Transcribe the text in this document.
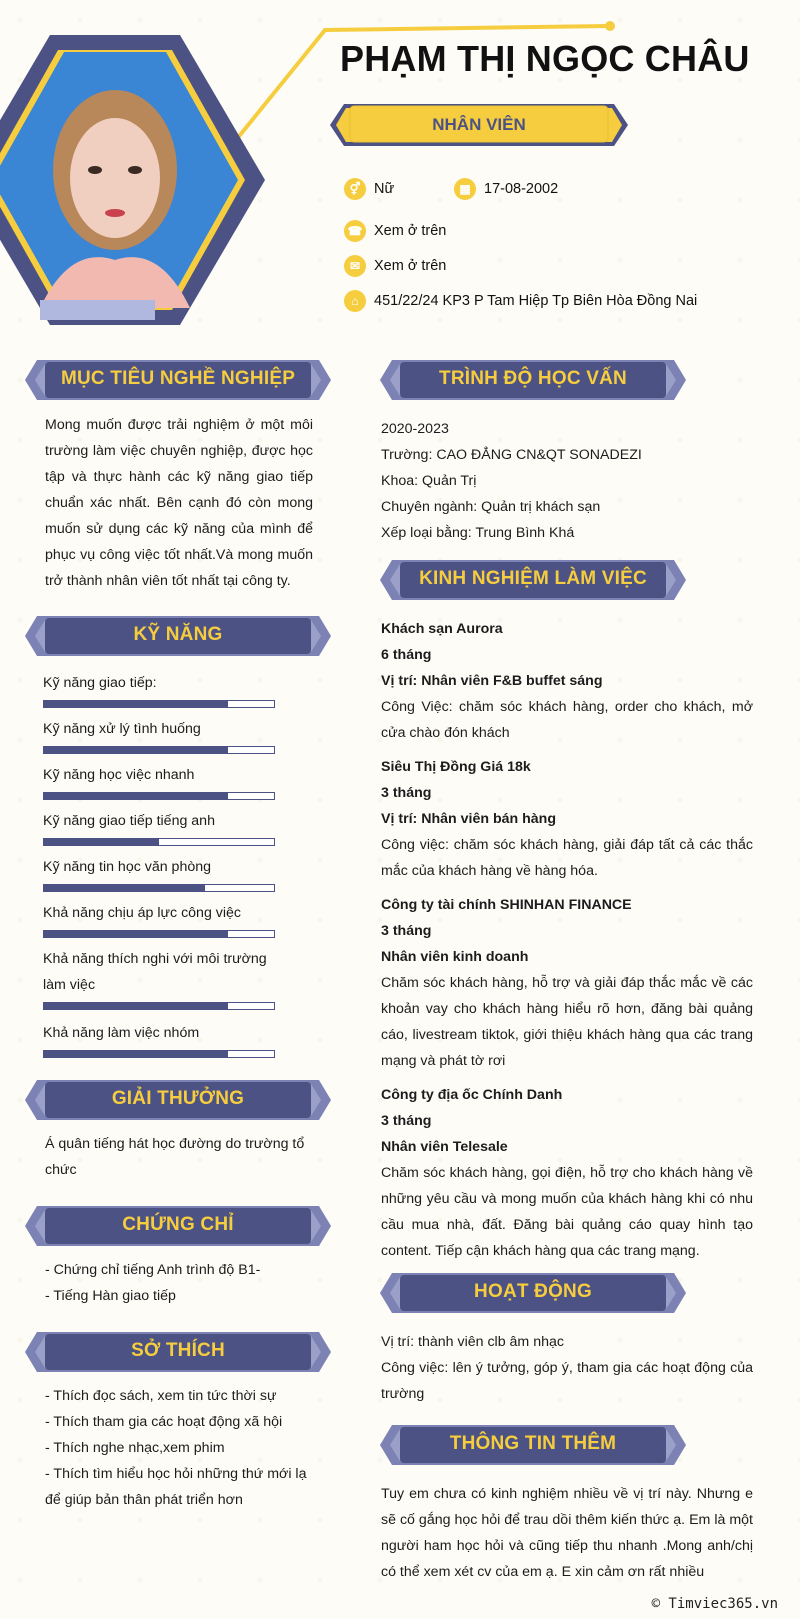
PHẠM THỊ NGỌC CHÂU
NHÂN VIÊN
⚥ Nữ	▦ 17-08-2002
☎ Xem ở trên
✉ Xem ở trên
⌂	451/22/24 KP3 P Tam Hiệp Tp Biên Hòa Đồng Nai
MỤC TIÊU NGHỀ NGHIỆP
Mong muốn được trải nghiệm ở một môi trường làm việc chuyên nghiệp, được học tập và thực hành các kỹ năng giao tiếp chuẩn xác nhất. Bên cạnh đó còn mong muốn sử dụng các kỹ năng của mình để phục vụ công việc tốt nhất.Và mong muốn trở thành nhân viên tốt nhất tại công ty.
KỸ NĂNG
Kỹ năng giao tiếp:
Kỹ năng xử lý tình huống
Kỹ năng học việc nhanh
Kỹ năng giao tiếp tiếng anh
Kỹ năng tin học văn phòng
Khả năng chịu áp lực công việc
Khả năng thích nghi với môi trường làm việc
Khả năng làm việc nhóm
GIẢI THƯỞNG
Á quân tiếng hát học đường do trường tổ chức
CHỨNG CHỈ

- Chứng chỉ tiếng Anh trình độ B1-

- Tiếng Hàn giao tiếp

SỞ THÍCH

- Thích đọc sách, xem tin tức thời sự

- Thích tham gia các hoạt động xã hội

- Thích nghe nhạc,xem phim

- Thích tìm hiểu học hỏi những thứ mới lạ để giúp bản thân phát triển hơn

TRÌNH ĐỘ HỌC VẤN

2020-2023

Trường: CAO ĐẲNG CN&QT SONADEZI

Khoa: Quản Trị

Chuyên ngành: Quản trị khách sạn

Xếp loại bằng: Trung Bình Khá

KINH NGHIỆM LÀM VIỆC

Khách sạn Aurora

6 tháng

Vị trí: Nhân viên F&B buffet sáng

Công Việc: chăm sóc khách hàng, order cho khách, mở cửa chào đón khách

Siêu Thị Đồng Giá 18k

3 tháng

Vị trí: Nhân viên bán hàng

Công việc: chăm sóc khách hàng, giải đáp tất cả các thắc mắc của khách hàng về hàng hóa.

Công ty tài chính SHINHAN FINANCE

3 tháng

Nhân viên kinh doanh

Chăm sóc khách hàng, hỗ trợ và giải đáp thắc mắc về các khoản vay cho khách hàng hiểu rõ hơn, đăng bài quảng cáo, livestream tiktok, giới thiệu khách hàng qua các trang mạng và phát tờ rơi

Công ty địa ốc Chính Danh

3 tháng

Nhân viên Telesale

Chăm sóc khách hàng, gọi điện, hỗ trợ cho khách hàng về những yêu cầu và mong muốn của khách hàng khi có nhu cầu mua nhà, đất. Đăng bài quảng cáo quay hình tạo content. Tiếp cận khách hàng qua các trang mạng.

HOẠT ĐỘNG

Vị trí: thành viên clb âm nhạc

Công việc: lên ý tưởng, góp ý, tham gia các hoạt động của trường

THÔNG TIN THÊM
Tuy em chưa có kinh nghiệm nhiều về vị trí này. Nhưng e sẽ cố gắng học hỏi để trau dồi thêm kiến thức ạ. Em là một người ham học hỏi và cũng tiếp thu nhanh .Mong anh/chị có thể xem xét cv của em ạ. E xin cảm ơn rất nhiều
© Timviec365.vn
